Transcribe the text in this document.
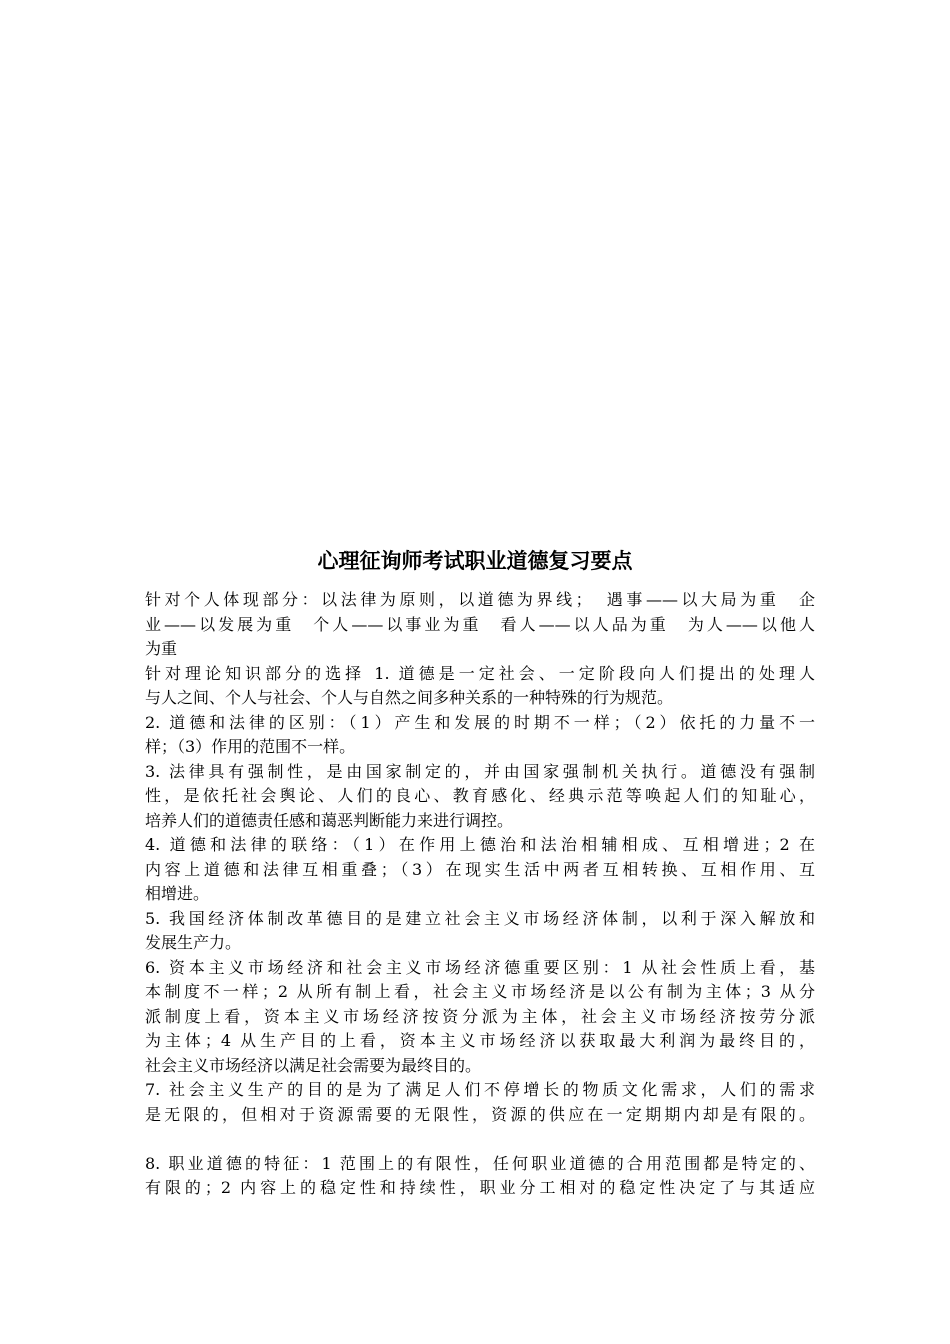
心理征询师考试职业道德复习要点
针对个人体现部分：以法律为原则，以道德为界线；　遇事——以大局为重　企
业——以发展为重　个人——以事业为重　看人——以人品为重　为人——以他人
为重
针对理论知识部分的选择 1. 道德是一定社会、一定阶段向人们提出的处理人
与人之间、个人与社会、个人与自然之间多种关系的一种特殊的行为规范。
2. 道德和法律的区别：（1）产生和发展的时期不一样；（2）依托的力量不一
样；（3）作用的范围不一样。
3. 法律具有强制性，是由国家制定的，并由国家强制机关执行。道德没有强制
性，是依托社会舆论、人们的良心、教育感化、经典示范等唤起人们的知耻心，
培养人们的道德责任感和蔼恶判断能力来进行调控。
4. 道德和法律的联络：（1）在作用上德治和法治相辅相成、互相增进；2 在
内容上道德和法律互相重叠；（3）在现实生活中两者互相转换、互相作用、互
相增进。
5. 我国经济体制改革德目的是建立社会主义市场经济体制，以利于深入解放和
发展生产力。
6. 资本主义市场经济和社会主义市场经济德重要区别：1 从社会性质上看，基
本制度不一样；2 从所有制上看，社会主义市场经济是以公有制为主体；3 从分
派制度上看，资本主义市场经济按资分派为主体，社会主义市场经济按劳分派
为主体；4 从生产目的上看，资本主义市场经济以获取最大利润为最终目的，
社会主义市场经济以满足社会需要为最终目的。
7. 社会主义生产的目的是为了满足人们不停增长的物质文化需求，人们的需求
是无限的，但相对于资源需要的无限性，资源的供应在一定期期内却是有限的。
8. 职业道德的特征：1 范围上的有限性，任何职业道德的合用范围都是特定的、
有限的；2 内容上的稳定性和持续性，职业分工相对的稳定性决定了与其适应
